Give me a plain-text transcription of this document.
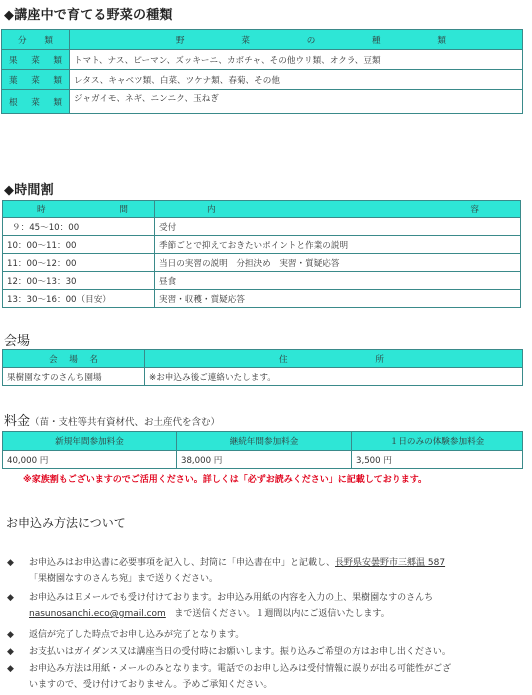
◆講座中で育てる野菜の種類
分 類	野 菜 の 種 類

果 菜 類	トマト、ナス、ピーマン、ズッキーニ、カボチャ、その他ウリ類、オクラ、豆類

葉 菜 類	レタス、キャベツ類、白菜、ツケナ類、春菊、その他

根 菜 類	ジャガイモ、ネギ、ニンニク、玉ねぎ
◆時間割
時 間	内 容

９：45〜10：00	受付
10：00〜11：00	季節ごとで抑えておきたいポイントと作業の説明
11：00〜12：00	当日の実習の説明　分担決め　実習・質疑応答
12：00〜13：30	昼食
13：30〜16：00（目安）	実習・収穫・質疑応答
会場
会 場 名	住 所

果樹園なすのさんち園場	※お申込み後ご連絡いたします。
料金（苗・支柱等共有資材代、お土産代を含む）
新規年間参加料金	継続年間参加料金	１日のみの体験参加料金
40,000 円	38,000 円	3,500 円
※家族割もございますのでご活用ください。詳しくは「必ずお読みください」に記載しております。
お申込み方法について
◆ お申込みはお申込書に必要事項を記入し、封筒に「申込書在中」と記載し、長野県安曇野市三郷温 587
「果樹園なすのさんち宛」まで送りください。
◆ お申込みはＥメールでも受け付けております。お申込み用紙の内容を入力の上、果樹園なすのさんち
nasunosanchi.eco@gmail.com まで送信ください。１週間以内にご返信いたします。
◆ 返信が完了した時点でお申し込みが完了となります。
◆ お支払いはガイダンス又は講座当日の受付時にお願いします。振り込みご希望の方はお申し出ください。
◆ お申込み方法は用紙・メールのみとなります。電話でのお申し込みは受付情報に誤りが出る可能性がござ
いますので、受け付けておりません。予めご承知ください。
